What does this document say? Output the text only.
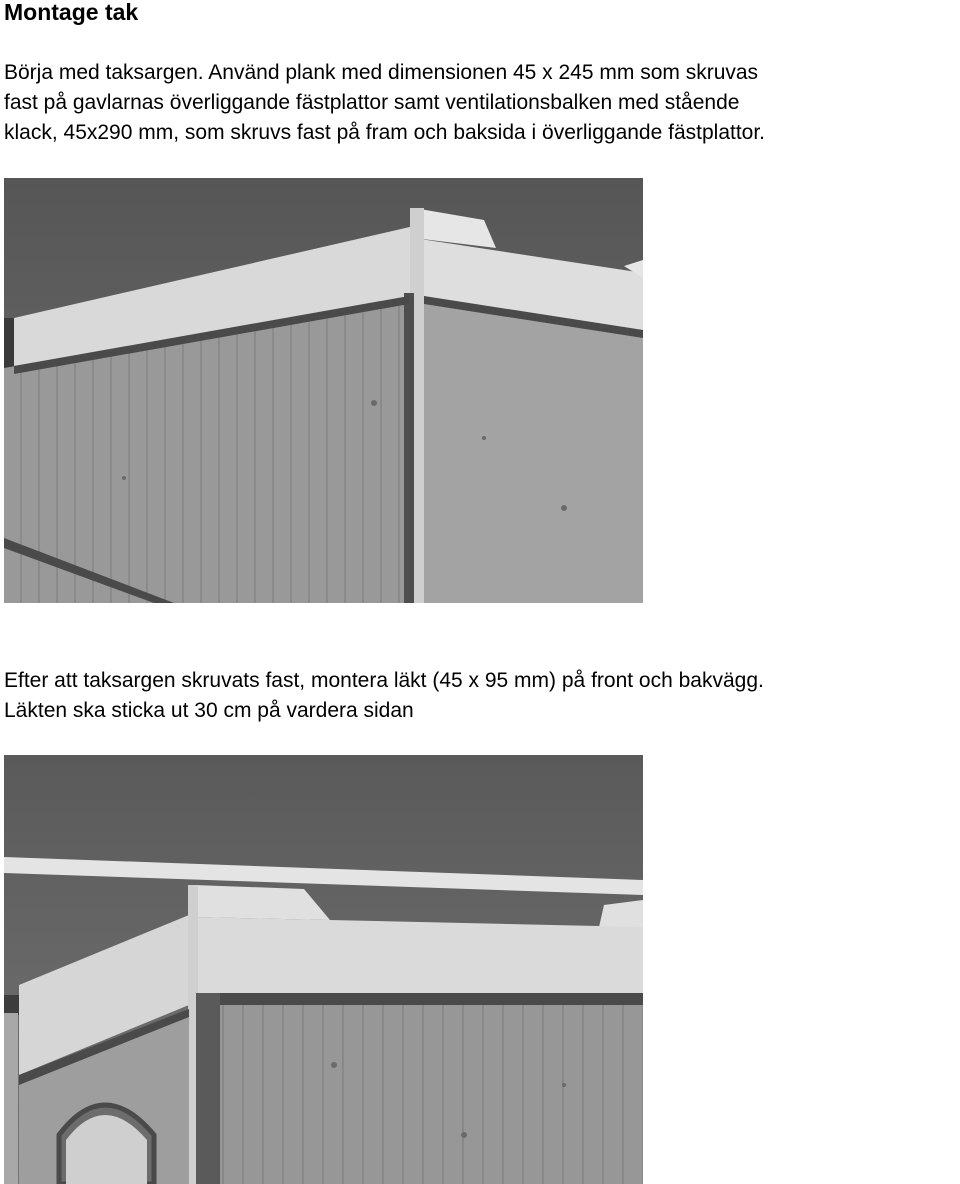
Montage tak
Börja med taksargen. Använd plank med dimensionen 45 x 245 mm som skruvas
fast på gavlarnas överliggande fästplattor samt ventilationsbalken med stående
klack, 45x290 mm, som skruvs fast på fram och baksida i överliggande fästplattor.
Efter att taksargen skruvats fast, montera läkt (45 x 95 mm) på front och bakvägg.
Läkten ska sticka ut 30 cm på vardera sidan
